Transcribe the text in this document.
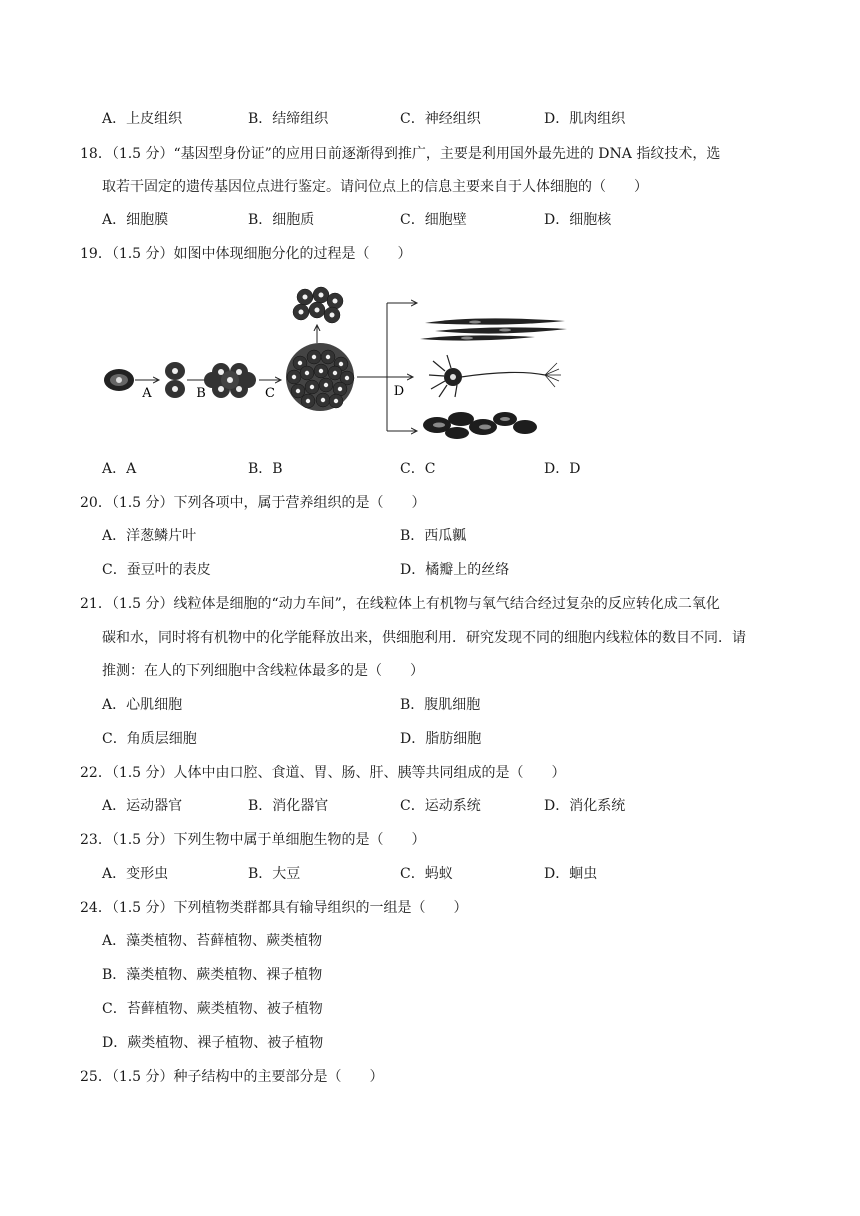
A．上皮组织	B．结缔组织	C．神经组织	D．肌肉组织
18．（1.5 分）“基因型身份证”的应用日前逐渐得到推广，主要是利用国外最先进的 DNA 指纹技术，选
取若干固定的遗传基因位点进行鉴定。请问位点上的信息主要来自于人体细胞的（　　）
A．细胞膜	B．细胞质	C．细胞壁	D．细胞核
19．（1.5 分）如图中体现细胞分化的过程是（　　）
A	B	C	D
A．A	B．B	C．C	D．D
20．（1.5 分）下列各项中，属于营养组织的是（　　）
A．洋葱鳞片叶	B．西瓜瓤
C．蚕豆叶的表皮	D．橘瓣上的丝络
21．（1.5 分）线粒体是细胞的“动力车间”，在线粒体上有机物与氧气结合经过复杂的反应转化成二氧化
碳和水，同时将有机物中的化学能释放出来，供细胞利用．研究发现不同的细胞内线粒体的数目不同．请
推测：在人的下列细胞中含线粒体最多的是（　　）
A．心肌细胞	B．腹肌细胞
C．角质层细胞	D．脂肪细胞
22．（1.5 分）人体中由口腔、食道、胃、肠、肝、胰等共同组成的是（　　）
A．运动器官	B．消化器官	C．运动系统	D．消化系统
23．（1.5 分）下列生物中属于单细胞生物的是（　　）
A．变形虫	B．大豆	C．蚂蚁	D．蛔虫
24．（1.5 分）下列植物类群都具有输导组织的一组是（　　）
A．藻类植物、苔藓植物、蕨类植物
B．藻类植物、蕨类植物、裸子植物
C．苔藓植物、蕨类植物、被子植物
D．蕨类植物、裸子植物、被子植物
25．（1.5 分）种子结构中的主要部分是（　　）
